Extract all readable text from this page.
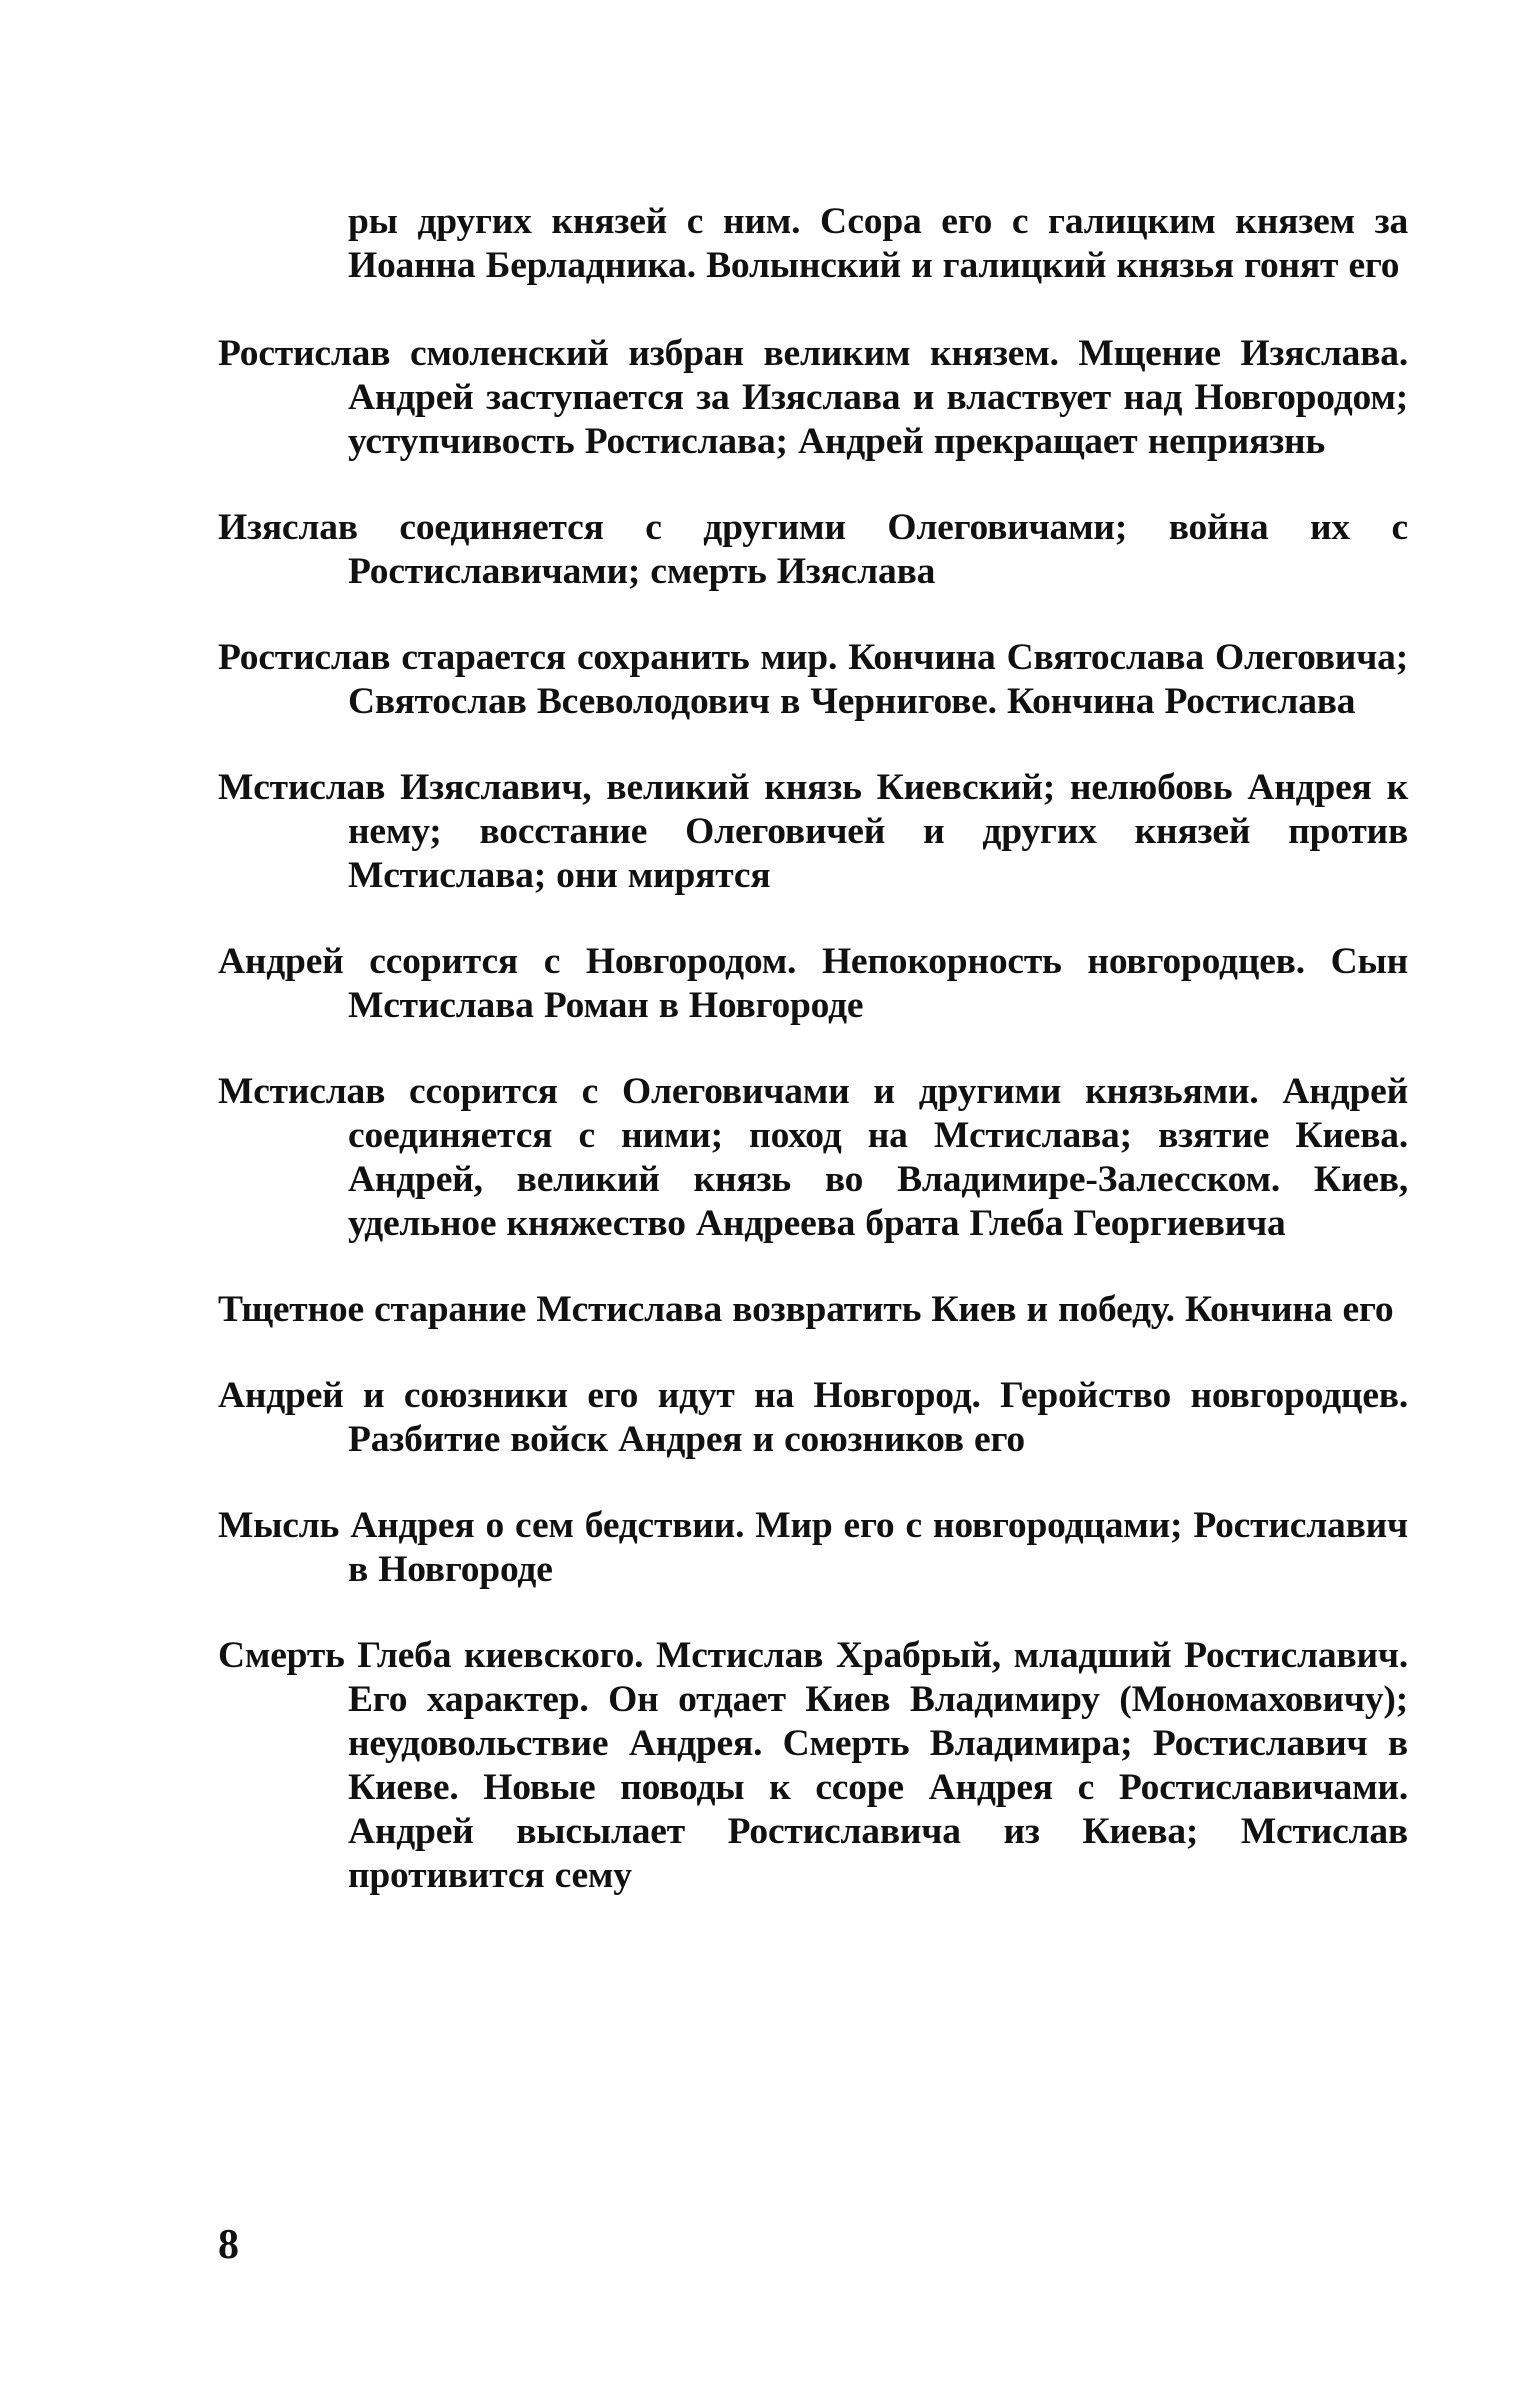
ры других князей с ним. Ссора его с галицким князем за Иоанна Берладника. Волынский и галицкий князья гонят его

Ростислав смоленский избран великим князем. Мщение Изяслава. Андрей заступается за Изяслава и властвует над Новгородом; уступчивость Ростислава; Андрей прекращает неприязнь

Изяслав соединяется с другими Олеговичами; война их с Ростиславичами; смерть Изяслава

Ростислав старается сохранить мир. Кончина Святослава Олеговича; Святослав Всеволодович в Чернигове. Кончина Ростислава

Мстислав Изяславич, великий князь Киевский; нелюбовь Андрея к нему; восстание Олеговичей и других князей против Мстислава; они мирятся

Андрей ссорится с Новгородом. Непокорность новгородцев. Сын Мстислава Роман в Новгороде

Мстислав ссорится с Олеговичами и другими князьями. Андрей соединяется с ними; поход на Мстислава; взятие Киева. Андрей, великий князь во Владимире-Залесском. Киев, удельное княжество Андреева брата Глеба Георгиевича

Тщетное старание Мстислава возвратить Киев и победу. Кончина его

Андрей и союзники его идут на Новгород. Геройство новгородцев. Разбитие войск Андрея и союзников его

Мысль Андрея о сем бедствии. Мир его с новгородцами; Ростиславич в Новгороде

Смерть Глеба киевского. Мстислав Храбрый, младший Ростиславич. Его характер. Он отдает Киев Владимиру (Мономаховичу); неудовольствие Андрея. Смерть Владимира; Ростиславич в Киеве. Новые поводы к ссоре Андрея с Ростиславичами. Андрей высылает Ростиславича из Киева; Мстислав противится сему

8
